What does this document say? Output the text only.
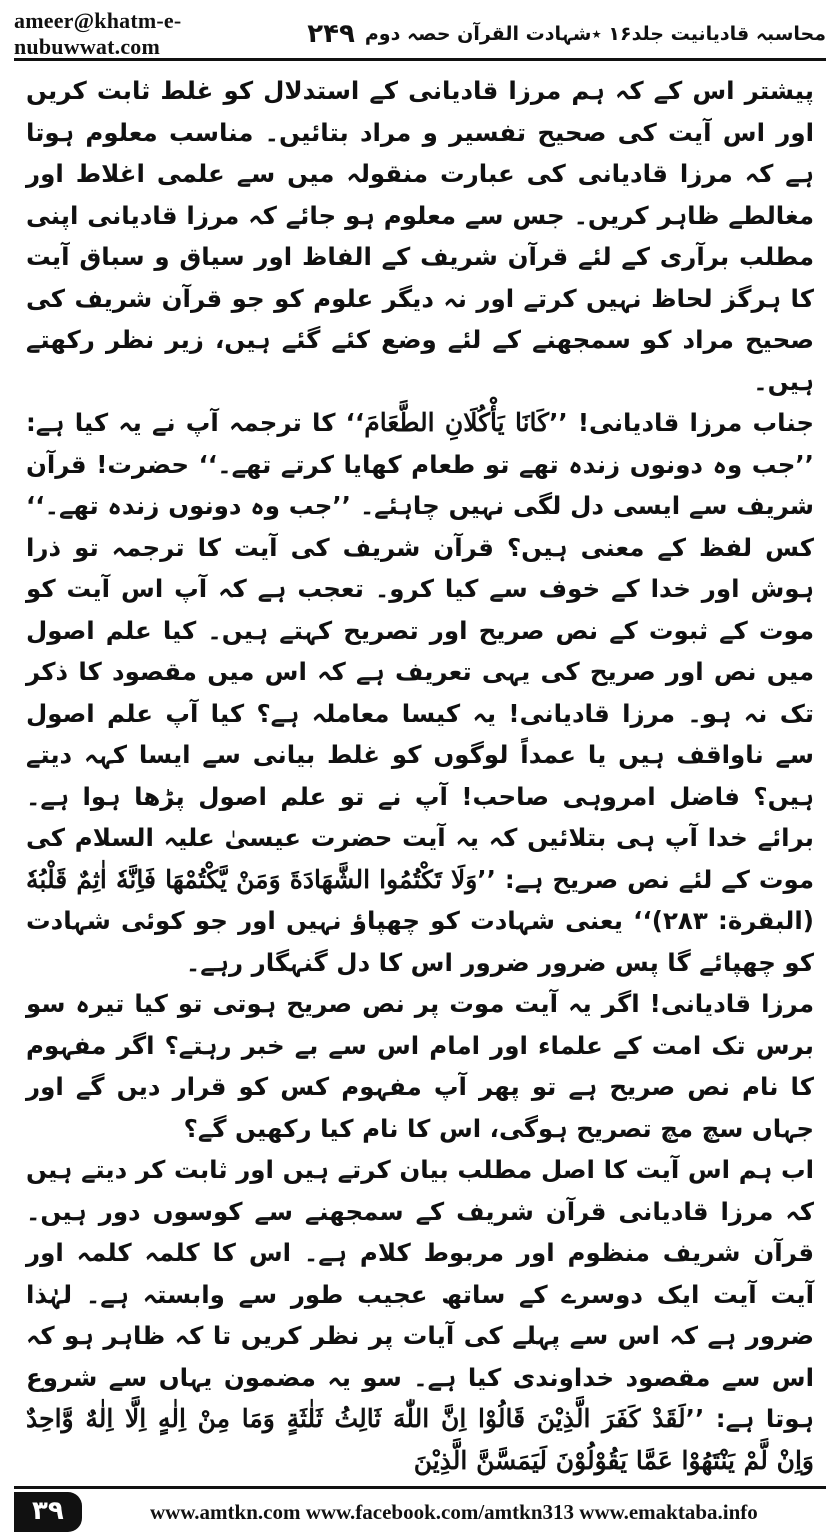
ameer@khatm-e-nubuwwat.com	۲۴۹ محاسبہ قادیانیت جلد۱۶ ٭شہادت القرآن حصہ دوم

پیشتر اس کے کہ ہم مرزا قادیانی کے استدلال کو غلط ثابت کریں اور اس آیت کی صحیح تفسیر و مراد بتائیں۔ مناسب معلوم ہوتا ہے کہ مرزا قادیانی کی عبارت منقولہ میں سے علمی اغلاط اور مغالطے ظاہر کریں۔ جس سے معلوم ہو جائے کہ مرزا قادیانی اپنی مطلب برآری کے لئے قرآن شریف کے الفاظ اور سیاق و سباق آیت کا ہرگز لحاظ نہیں کرتے اور نہ دیگر علوم کو جو قرآن شریف کی صحیح مراد کو سمجھنے کے لئے وضع کئے گئے ہیں، زیر نظر رکھتے ہیں۔

جناب مرزا قادیانی! ’’کَانَا یَأْکُلَانِ الطَّعَامَ‘‘ کا ترجمہ آپ نے یہ کیا ہے: ’’جب وہ دونوں زندہ تھے تو طعام کھایا کرتے تھے۔‘‘ حضرت! قرآن شریف سے ایسی دل لگی نہیں چاہئے۔ ’’جب وہ دونوں زندہ تھے۔‘‘ کس لفظ کے معنی ہیں؟ قرآن شریف کی آیت کا ترجمہ تو ذرا ہوش اور خدا کے خوف سے کیا کرو۔ تعجب ہے کہ آپ اس آیت کو موت کے ثبوت کے نص صریح اور تصریح کہتے ہیں۔ کیا علم اصول میں نص اور صریح کی یہی تعریف ہے کہ اس میں مقصود کا ذکر تک نہ ہو۔ مرزا قادیانی! یہ کیسا معاملہ ہے؟ کیا آپ علم اصول سے ناواقف ہیں یا عمداً لوگوں کو غلط بیانی سے ایسا کہہ دیتے ہیں؟ فاضل امروہی صاحب! آپ نے تو علم اصول پڑھا ہوا ہے۔ برائے خدا آپ ہی بتلائیں کہ یہ آیت حضرت عیسیٰ علیہ السلام کی موت کے لئے نص صریح ہے: ’’وَلَا تَکْتُمُوا الشَّهَادَةَ وَمَنْ یَّکْتُمْهَا فَاِنَّهٗ اٰثِمٌ قَلْبُهٗ (البقرة: ۲۸۳)‘‘ یعنی شہادت کو چھپاؤ نہیں اور جو کوئی شہادت کو چھپائے گا پس ضرور ضرور اس کا دل گنہگار رہے۔

مرزا قادیانی! اگر یہ آیت موت پر نص صریح ہوتی تو کیا تیرہ سو برس تک امت کے علماء اور امام اس سے بے خبر رہتے؟ اگر مفہوم کا نام نص صریح ہے تو پھر آپ مفہوم کس کو قرار دیں گے اور جہاں سچ مچ تصریح ہوگی، اس کا نام کیا رکھیں گے؟

اب ہم اس آیت کا اصل مطلب بیان کرتے ہیں اور ثابت کر دیتے ہیں کہ مرزا قادیانی قرآن شریف کے سمجھنے سے کوسوں دور ہیں۔ قرآن شریف منظوم اور مربوط کلام ہے۔ اس کا کلمہ کلمہ اور آیت آیت ایک دوسرے کے ساتھ عجیب طور سے وابستہ ہے۔ لہٰذا ضرور ہے کہ اس سے پہلے کی آیات پر نظر کریں تا کہ ظاہر ہو کہ اس سے مقصود خداوندی کیا ہے۔ سو یہ مضمون یہاں سے شروع ہوتا ہے: ’’لَقَدْ کَفَرَ الَّذِیْنَ قَالُوْا اِنَّ اللّٰهَ ثَالِثُ ثَلٰثَةٍ وَمَا مِنْ اِلٰهٍ اِلَّا اِلٰهٌ وَّاحِدٌ وَاِنْ لَّمْ یَنْتَهُوْا عَمَّا یَقُوْلُوْنَ لَیَمَسَّنَّ الَّذِیْنَ

۳۹	www.amtkn.com www.facebook.com/amtkn313 www.emaktaba.info
